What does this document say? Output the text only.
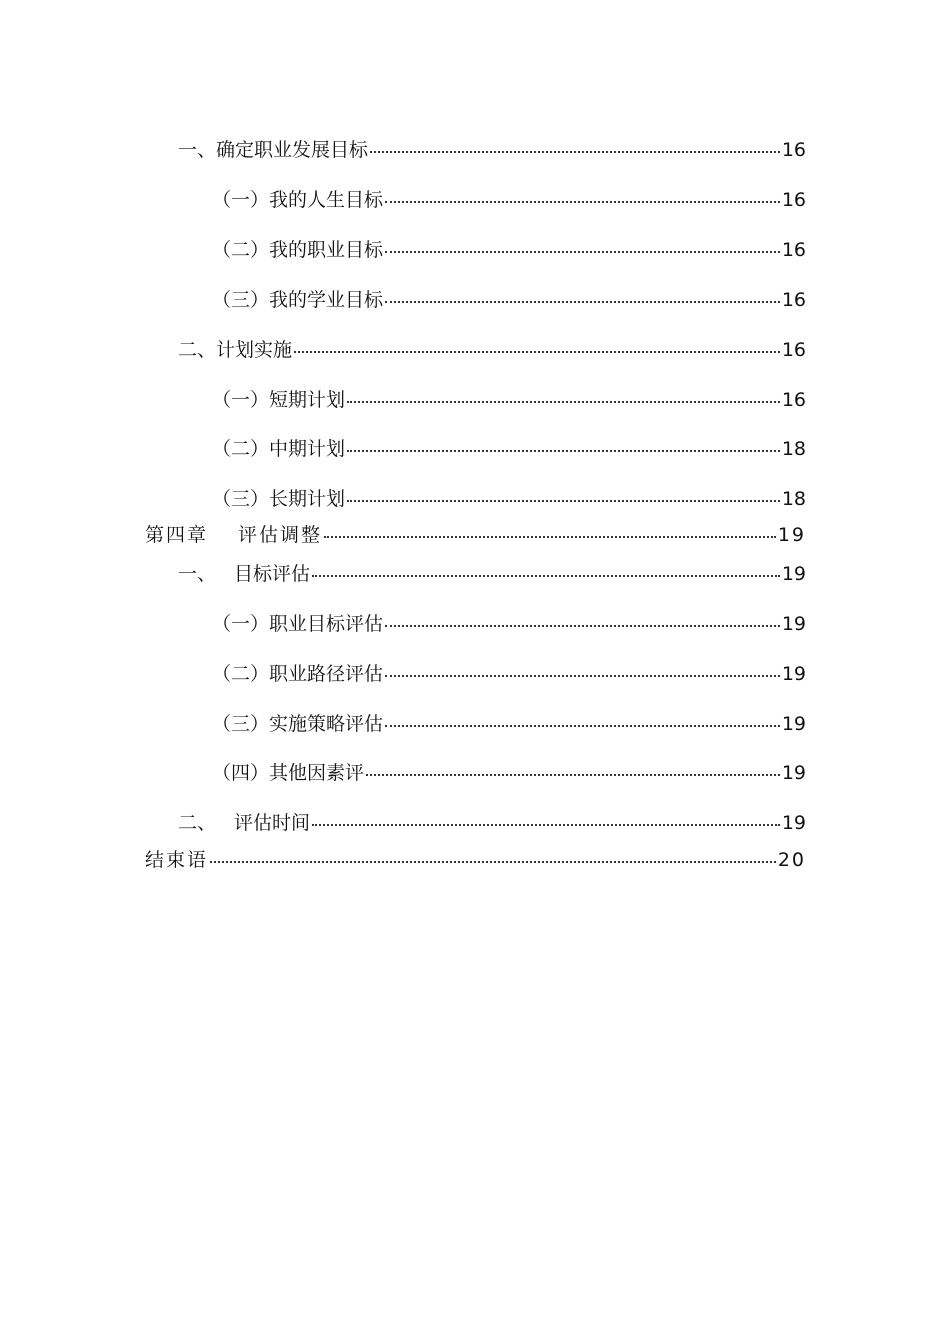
一、 确定职业发展目标	16
（一） 我的人生目标	16
（二） 我的职业目标	16
（三） 我的学业目标	16
二、 计划实施	16
（一） 短期计划	16
（二） 中期计划	18
（三） 长期计划	18
第四章 评估调整	19
一、 目标评估	19
（一） 职业目标评估	19
（二） 职业路径评估	19
（三） 实施策略评估	19
（四） 其他因素评	19
二、 评估时间	19
结束语	20
